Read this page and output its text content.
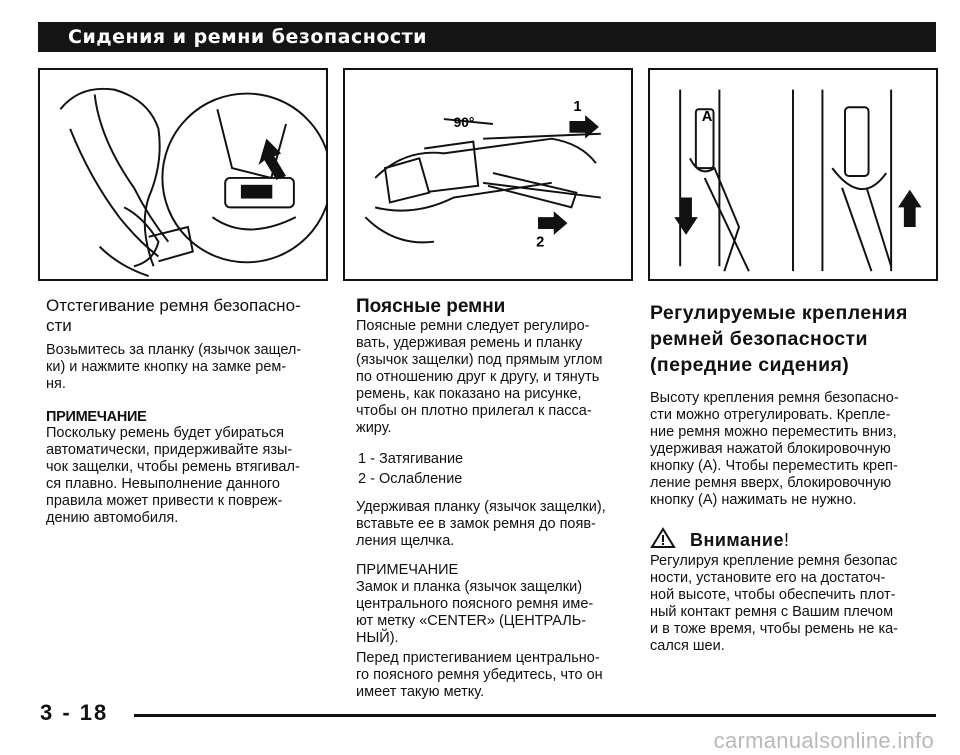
Сидения и ремни безопасности
90°
1
2
A

Отстегивание ремня безопасно-

сти

Возьмитесь за планку (язычок защел-

ки) и нажмите кнопку на замке рем-

ня.

ПРИМЕЧАНИЕ

Поскольку ремень будет убираться

автоматически, придерживайте язы-

чок защелки, чтобы ремень втягивал-

ся плавно. Невыполнение данного

правила может привести к повреж-

дению автомобиля.

Поясные ремни

Поясные ремни следует регулиро-

вать, удерживая ремень и планку

(язычок защелки) под прямым углом

по отношению друг к другу, и тянуть

ремень, как показано на рисунке,

чтобы он плотно прилегал к пасса-

жиру.

1 - Затягивание

2 - Ослабление

Удерживая планку (язычок защелки),

вставьте ее в замок ремня до появ-

ления щелчка.

ПРИМЕЧАНИЕ

Замок и планка (язычок защелки)

центрального поясного ремня име-

ют метку «CENTER» (ЦЕНТРАЛЬ-

НЫЙ).

Перед пристегиванием центрально-

го поясного ремня убедитесь, что он

имеет такую метку.

Регулируемые крепления

ремней безопасности

(передние сидения)

Высоту крепления ремня безопасно-

сти можно отрегулировать. Крепле-

ние ремня можно переместить вниз,

удерживая нажатой блокировочную

кнопку (А). Чтобы переместить креп-

ление ремня вверх, блокировочную

кнопку (А) нажимать не нужно.

Внимание!

Регулируя крепление ремня безопас

ности, установите его на достаточ-

ной высоте, чтобы обеспечить плот-

ный контакт ремня с Вашим плечом

и в тоже время, чтобы ремень не ка-

сался шеи.

3 - 18
carmanualsonline.info
